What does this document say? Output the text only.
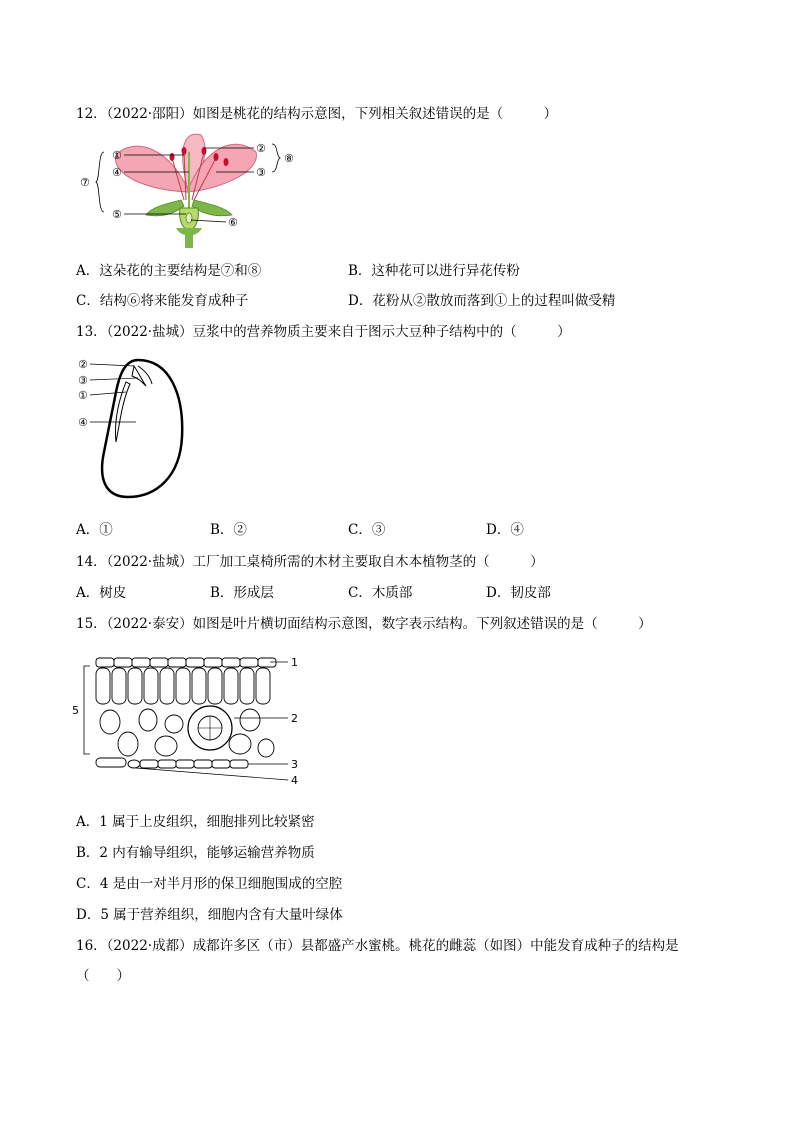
12．（2022·邵阳）如图是桃花的结构示意图，下列相关叙述错误的是（　　　）
①
②
③
④
⑤
⑥
⑦
⑧
A．这朵花的主要结构是⑦和⑧	B．这种花可以进行异花传粉
C．结构⑥将来能发育成种子	D．花粉从②散放而落到①上的过程叫做受精
13．（2022·盐城）豆浆中的营养物质主要来自于图示大豆种子结构中的（　　　）
②
③
①
④
A．①	B．②	C．③	D．④
14．（2022·盐城）工厂加工桌椅所需的木材主要取自木本植物茎的（　　　）
A．树皮	B．形成层	C．木质部	D．韧皮部
15．（2022·泰安）如图是叶片横切面结构示意图，数字表示结构。下列叙述错误的是（　　　）
1
2
3
4
5
A．1 属于上皮组织，细胞排列比较紧密
B．2 内有输导组织，能够运输营养物质
C．4 是由一对半月形的保卫细胞围成的空腔
D．5 属于营养组织，细胞内含有大量叶绿体
16．（2022·成都）成都许多区（市）县都盛产水蜜桃。桃花的雌蕊（如图）中能发育成种子的结构是
（　　）
